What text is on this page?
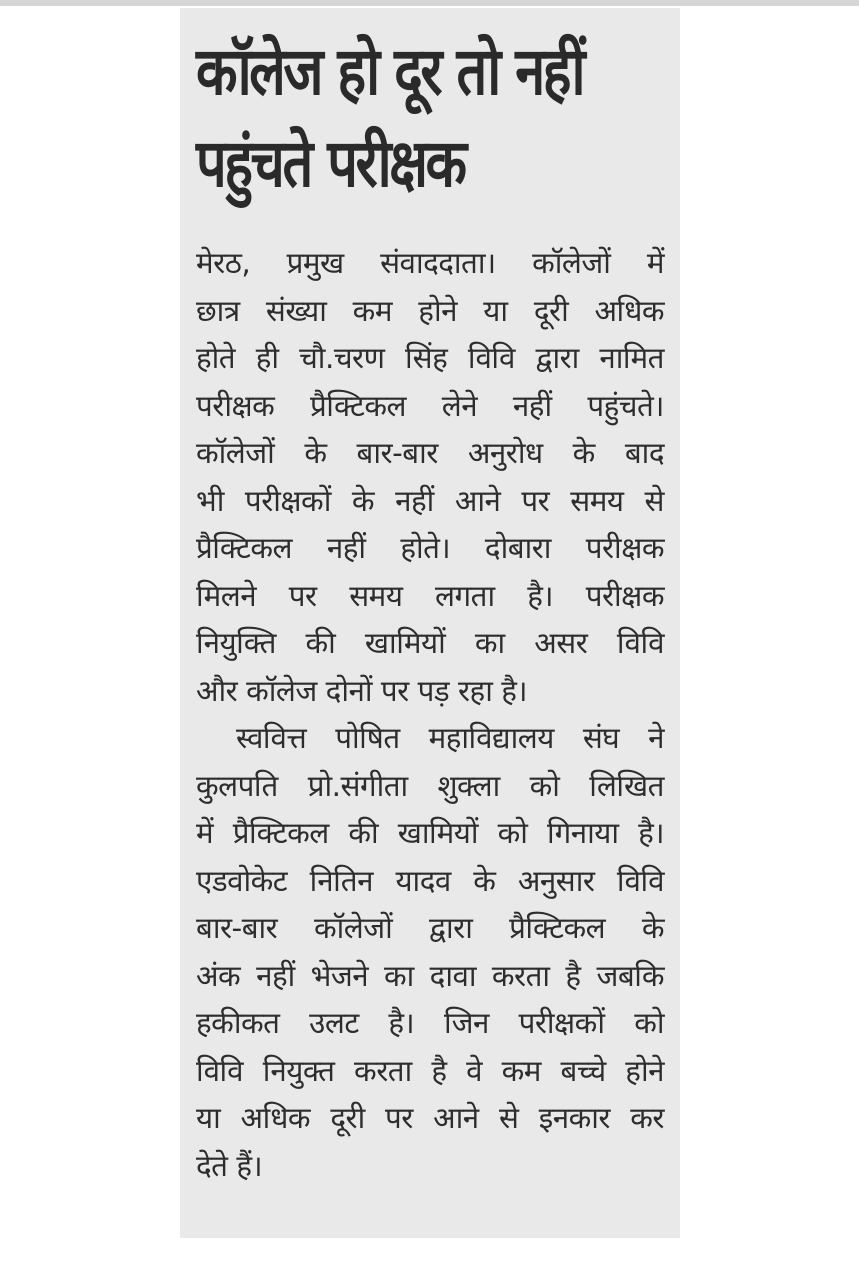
कॉलेज हो दूर तो नहीं
पहुंचते परीक्षक
मेरठ, प्रमुख संवाददाता। कॉलेजों में
छात्र संख्या कम होने या दूरी अधिक
होते ही चौ.चरण सिंह विवि द्वारा नामित
परीक्षक प्रैक्टिकल लेने नहीं पहुंचते।
कॉलेजों के बार-बार अनुरोध के बाद
भी परीक्षकों के नहीं आने पर समय से
प्रैक्टिकल नहीं होते। दोबारा परीक्षक
मिलने पर समय लगता है। परीक्षक
नियुक्ति की खामियों का असर विवि
और कॉलेज दोनों पर पड़ रहा है।
स्ववित्त पोषित महाविद्यालय संघ ने
कुलपति प्रो.संगीता शुक्ला को लिखित
में प्रैक्टिकल की खामियों को गिनाया है।
एडवोकेट नितिन यादव के अनुसार विवि
बार-बार कॉलेजों द्वारा प्रैक्टिकल के
अंक नहीं भेजने का दावा करता है जबकि
हकीकत उलट है। जिन परीक्षकों को
विवि नियुक्त करता है वे कम बच्चे होने
या अधिक दूरी पर आने से इनकार कर
देते हैं।
